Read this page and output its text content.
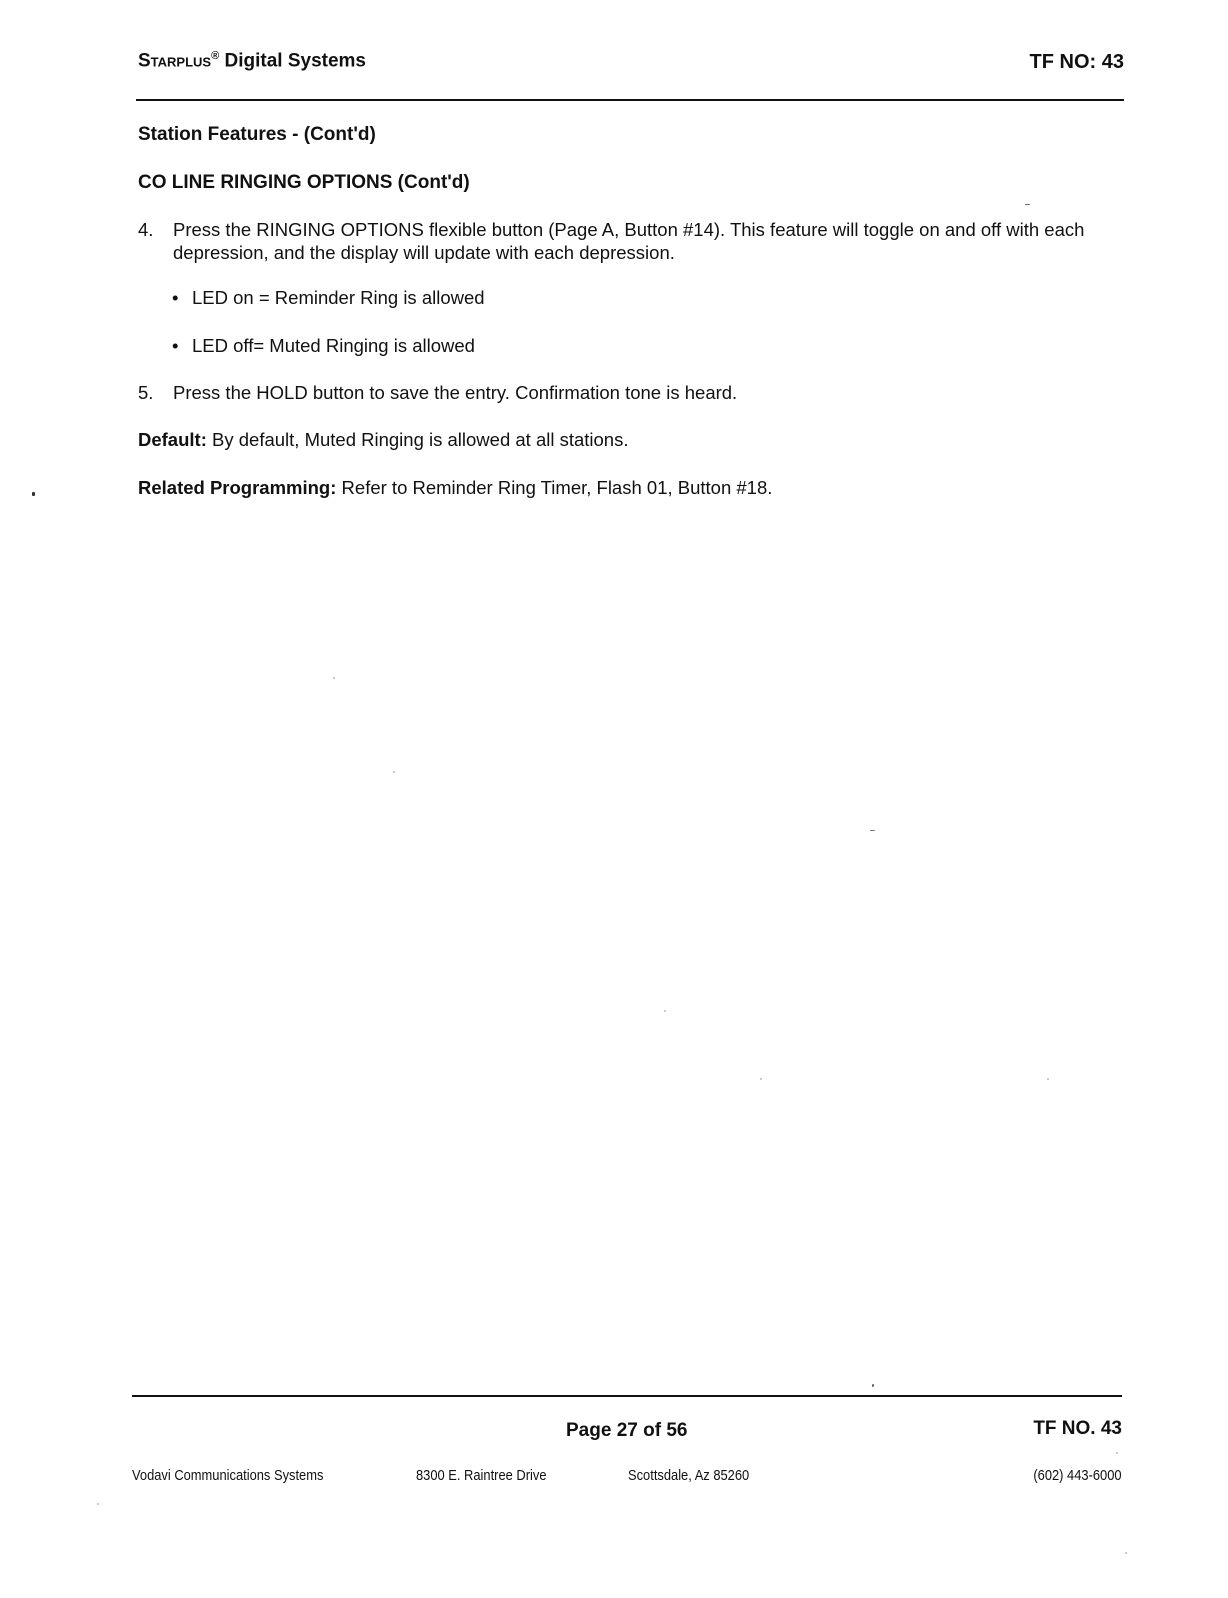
Starplus® Digital Systems	TF NO: 43
Station Features - (Cont'd)
CO LINE RINGING OPTIONS (Cont'd)
4. Press the RINGING OPTIONS flexible button (Page A, Button #14). This feature will toggle on and off with each depression, and the display will update with each depression.
• LED on = Reminder Ring is allowed
• LED off= Muted Ringing is allowed
5. Press the HOLD button to save the entry. Confirmation tone is heard.
Default: By default, Muted Ringing is allowed at all stations.
Related Programming: Refer to Reminder Ring Timer, Flash 01, Button #18.
Page 27 of 56	TF NO. 43
Vodavi Communications Systems	8300 E. Raintree Drive	Scottsdale, Az 85260	(602) 443-6000
